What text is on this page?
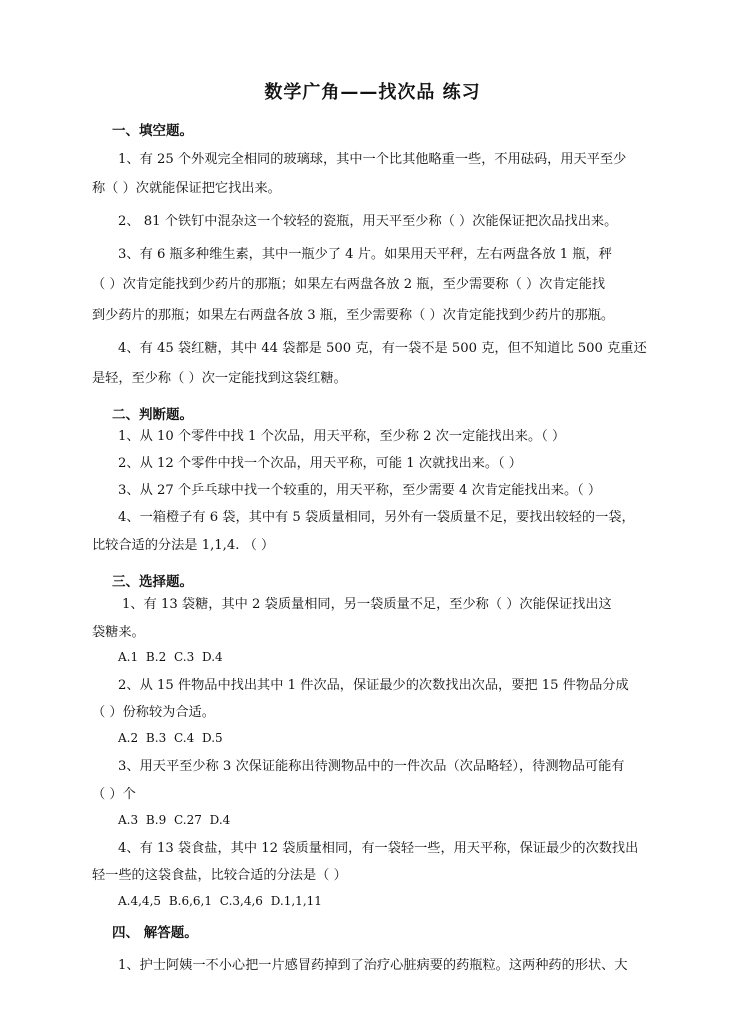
数学广角——找次品 练习
一、填空题。
1、有 25 个外观完全相同的玻璃球，其中一个比其他略重一些，不用砝码，用天平至少
称（ ）次就能保证把它找出来。
2、 81 个铁钉中混杂这一个较轻的瓷瓶，用天平至少称（ ）次能保证把次品找出来。
3、有 6 瓶多种维生素，其中一瓶少了 4 片。如果用天平秤，左右两盘各放 1 瓶，秤
（ ）次肯定能找到少药片的那瓶；如果左右两盘各放 2 瓶，至少需要称（ ）次肯定能找
到少药片的那瓶；如果左右两盘各放 3 瓶，至少需要称（ ）次肯定能找到少药片的那瓶。
4、有 45 袋红糖，其中 44 袋都是 500 克，有一袋不是 500 克，但不知道比 500 克重还
是轻，至少称（ ）次一定能找到这袋红糖。
二、判断题。
1、从 10 个零件中找 1 个次品，用天平称，至少称 2 次一定能找出来。（ ）
2、从 12 个零件中找一个次品，用天平称，可能 1 次就找出来。（ ）
3、从 27 个乒乓球中找一个较重的，用天平称，至少需要 4 次肯定能找出来。（ ）
4、一箱橙子有 6 袋，其中有 5 袋质量相同，另外有一袋质量不足，要找出较轻的一袋，
比较合适的分法是 1,1,4. （ ）
三、选择题。
1、有 13 袋糖，其中 2 袋质量相同，另一袋质量不足，至少称（ ）次能保证找出这
袋糖来。
A.1 B.2 C.3 D.4
2、从 15 件物品中找出其中 1 件次品，保证最少的次数找出次品，要把 15 件物品分成
（ ）份称较为合适。
A.2 B.3 C.4 D.5
3、用天平至少称 3 次保证能称出待测物品中的一件次品（次品略轻），待测物品可能有
（ ）个
A.3 B.9 C.27 D.4
4、有 13 袋食盐，其中 12 袋质量相同，有一袋轻一些，用天平称，保证最少的次数找出
轻一些的这袋食盐，比较合适的分法是（ ）
A.4,4,5 B.6,6,1 C.3,4,6 D.1,1,11
四、 解答题。
1、护士阿姨一不小心把一片感冒药掉到了治疗心脏病要的药瓶粒。这两种药的形状、大
